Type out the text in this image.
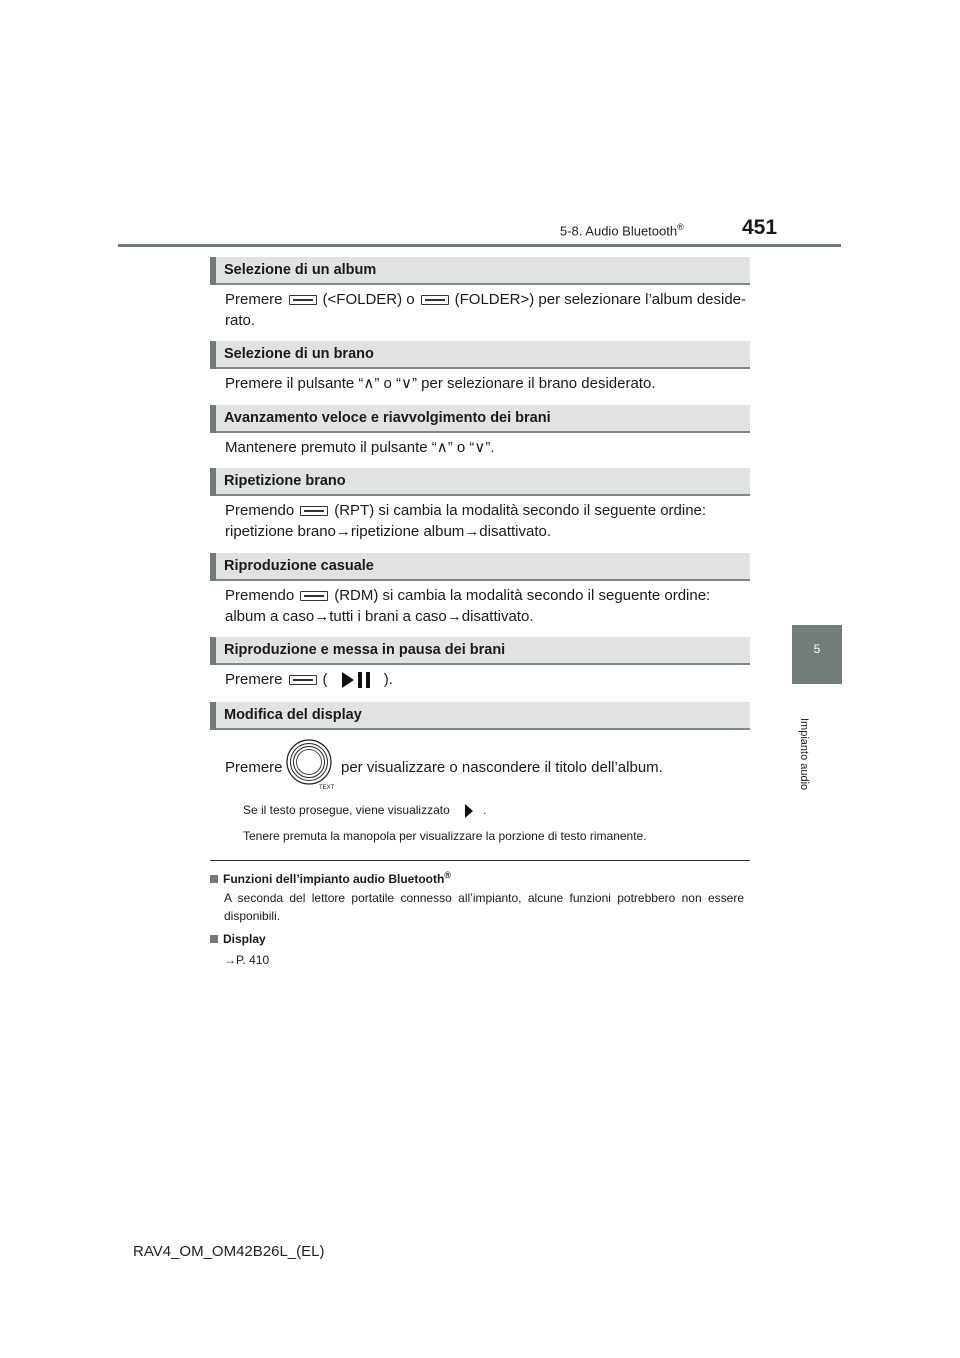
5-8. Audio Bluetooth®	451
5
Impianto audio
Selezione di un album
Premere	(<FOLDER) o	(FOLDER>) per selezionare l’album deside-
rato.
Selezione di un brano
Premere il pulsante “∧” o “∨” per selezionare il brano desiderato.
Avanzamento veloce e riavvolgimento dei brani
Mantenere premuto il pulsante “∧” o “∨”.
Ripetizione brano
Premendo	(RPT) si cambia la modalità secondo il seguente ordine:
ripetizione brano→ripetizione album→disattivato.
Riproduzione casuale
Premendo	(RDM) si cambia la modalità secondo il seguente ordine:
album a caso→tutti i brani a caso→disattivato.
Riproduzione e messa in pausa dei brani
Premere	(	).
Modifica del display
Premere
TEXT
per visualizzare o nascondere il titolo dell’album.
Se il testo prosegue, viene visualizzato	.
Tenere premuta la manopola per visualizzare la porzione di testo rimanente.
Funzioni dell’impianto audio Bluetooth®
A seconda del lettore portatile connesso all’impianto, alcune funzioni potrebbero non essere disponibili.
Display
→P. 410
RAV4_OM_OM42B26L_(EL)
